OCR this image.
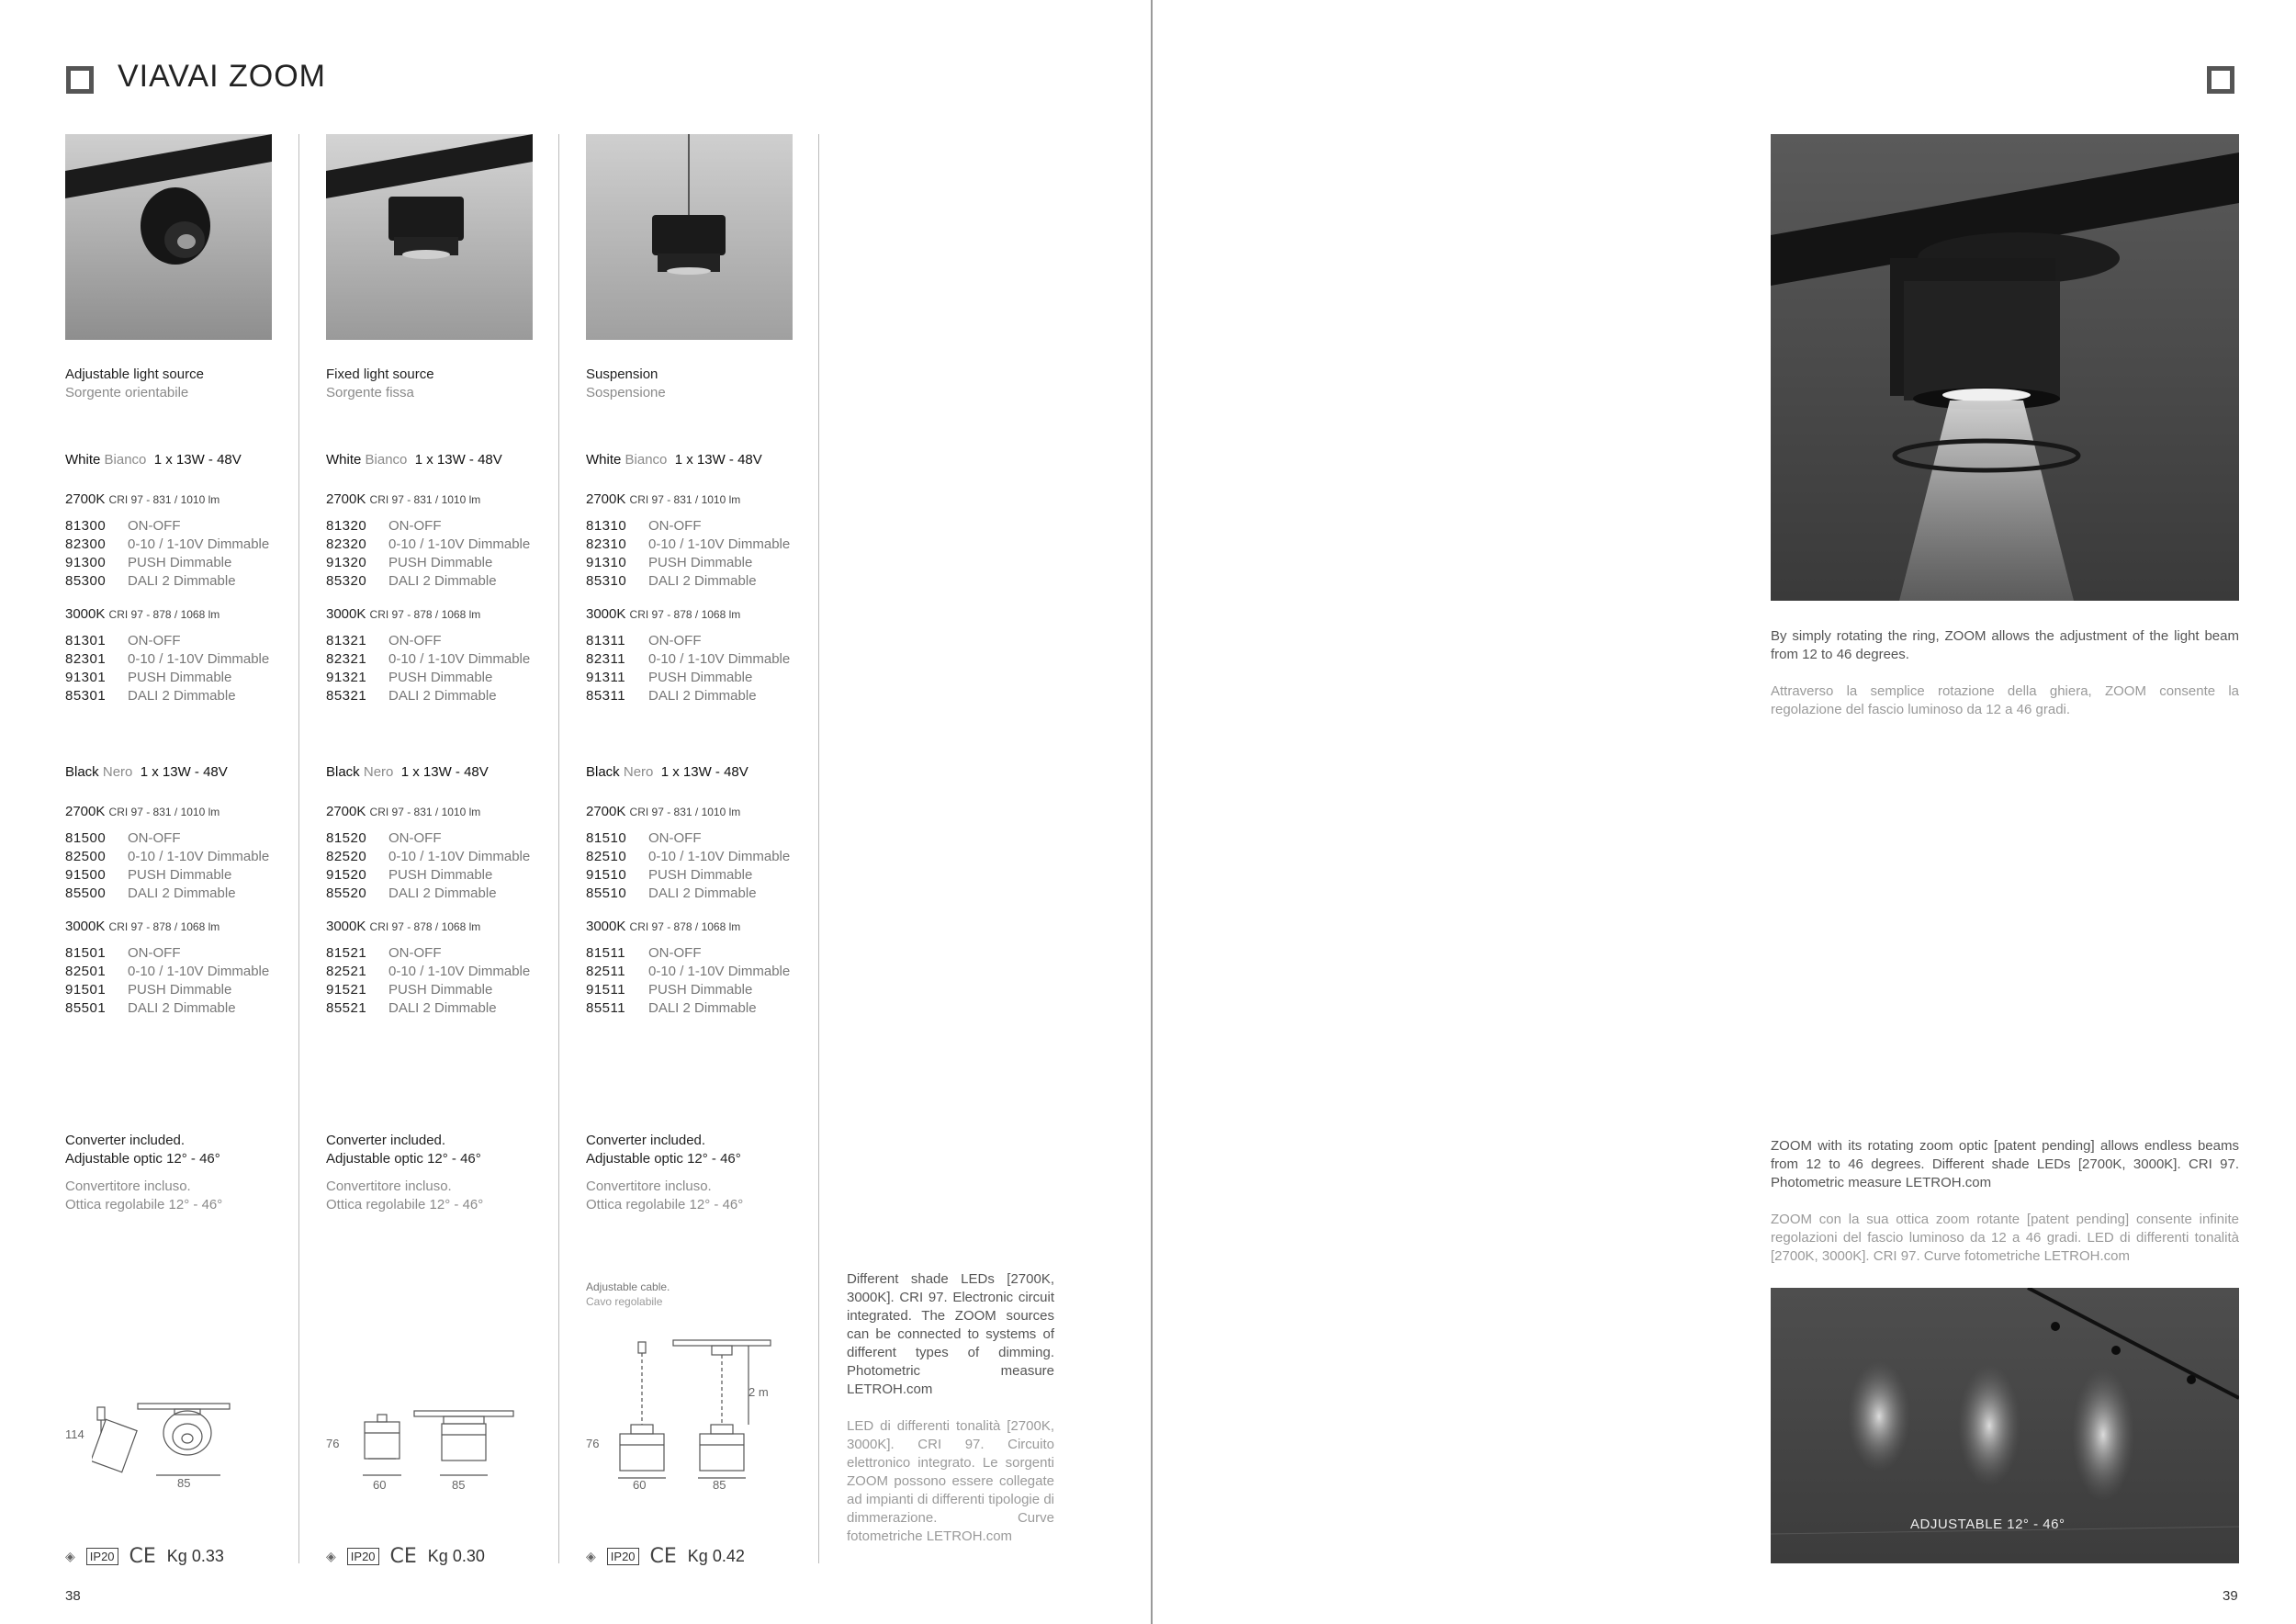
VIAVAI ZOOM
Adjustable light source
Sorgente orientabile
White Bianco 1 x 13W - 48V
2700K CRI 97 - 831 / 1010 lm
81300	ON-OFF
82300	0-10 / 1-10V Dimmable
91300	PUSH Dimmable
85300	DALI 2 Dimmable
3000K CRI 97 - 878 / 1068 lm
81301	ON-OFF
82301	0-10 / 1-10V Dimmable
91301	PUSH Dimmable
85301	DALI 2 Dimmable
Black Nero 1 x 13W - 48V
2700K CRI 97 - 831 / 1010 lm
81500	ON-OFF
82500	0-10 / 1-10V Dimmable
91500	PUSH Dimmable
85500	DALI 2 Dimmable
3000K CRI 97 - 878 / 1068 lm
81501	ON-OFF
82501	0-10 / 1-10V Dimmable
91501	PUSH Dimmable
85501	DALI 2 Dimmable
Converter included.
Adjustable optic 12° - 46°
Convertitore incluso.
Ottica regolabile 12° - 46°
Fixed light source
Sorgente fissa
White Bianco 1 x 13W - 48V
2700K CRI 97 - 831 / 1010 lm
81320	ON-OFF
82320	0-10 / 1-10V Dimmable
91320	PUSH Dimmable
85320	DALI 2 Dimmable
3000K CRI 97 - 878 / 1068 lm
81321	ON-OFF
82321	0-10 / 1-10V Dimmable
91321	PUSH Dimmable
85321	DALI 2 Dimmable
Black Nero 1 x 13W - 48V
2700K CRI 97 - 831 / 1010 lm
81520	ON-OFF
82520	0-10 / 1-10V Dimmable
91520	PUSH Dimmable
85520	DALI 2 Dimmable
3000K CRI 97 - 878 / 1068 lm
81521	ON-OFF
82521	0-10 / 1-10V Dimmable
91521	PUSH Dimmable
85521	DALI 2 Dimmable
Converter included.
Adjustable optic 12° - 46°
Convertitore incluso.
Ottica regolabile 12° - 46°
Suspension
Sospensione
White Bianco 1 x 13W - 48V
2700K CRI 97 - 831 / 1010 lm
81310	ON-OFF
82310	0-10 / 1-10V Dimmable
91310	PUSH Dimmable
85310	DALI 2 Dimmable
3000K CRI 97 - 878 / 1068 lm
81311	ON-OFF
82311	0-10 / 1-10V Dimmable
91311	PUSH Dimmable
85311	DALI 2 Dimmable
Black Nero 1 x 13W - 48V
2700K CRI 97 - 831 / 1010 lm
81510	ON-OFF
82510	0-10 / 1-10V Dimmable
91510	PUSH Dimmable
85510	DALI 2 Dimmable
3000K CRI 97 - 878 / 1068 lm
81511	ON-OFF
82511	0-10 / 1-10V Dimmable
91511	PUSH Dimmable
85511	DALI 2 Dimmable
Converter included.
Adjustable optic 12° - 46°
Convertitore incluso.
Ottica regolabile 12° - 46°
Adjustable cable.
Cavo regolabile
Different shade LEDs [2700K, 3000K]. CRI 97. Electronic circuit integrated. The ZOOM sources can be connected to systems of different types of dimming. Photometric measure LETROH.com
LED di differenti tonalità [2700K, 3000K]. CRI 97. Circuito elettronico integrato. Le sorgenti ZOOM possono essere collegate ad impianti di differenti tipologie di dimmerazione. Curve fotometriche LETROH.com
114
85
76
60	85
76
60	85
2 m
◈	IP20 CE Kg 0.33	◈	IP20 CE Kg 0.30	◈	IP20 CE Kg 0.42
38	39
By simply rotating the ring, ZOOM allows the adjustment of the light beam from 12 to 46 degrees.
Attraverso la semplice rotazione della ghiera, ZOOM consente la regolazione del fascio luminoso da 12 a 46 gradi.
ZOOM with its rotating zoom optic [patent pending] allows endless beams from 12 to 46 degrees. Different shade LEDs [2700K, 3000K]. CRI 97. Photometric measure LETROH.com
ZOOM con la sua ottica zoom rotante [patent pending] consente infinite regolazioni del fascio luminoso da 12 a 46 gradi. LED di differenti tonalità [2700K, 3000K]. CRI 97. Curve fotometriche LETROH.com
ADJUSTABLE 12° - 46°
